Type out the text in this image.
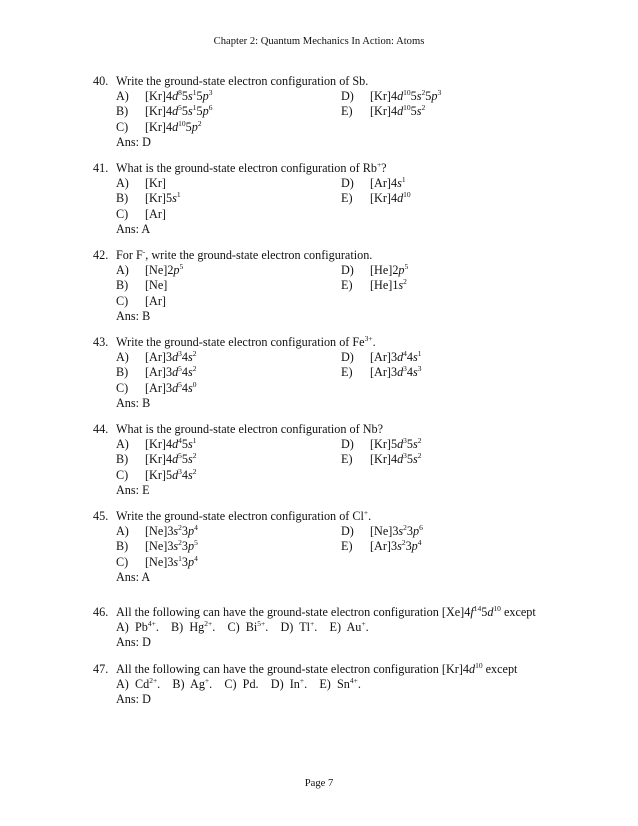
Chapter 2: Quantum Mechanics In Action: Atoms
40. Write the ground-state electron configuration of Sb.
A) $[Kr]4d^85s^15p^3$	D) $[Kr]4d^{10}5s^25p^3$
B) $[Kr]4d^55s^15p^6$	E) $[Kr]4d^{10}5s^2$
C) $[Kr]4d^{10}5p^2$
Ans: D
41. What is the ground-state electron configuration of Rb+?
A) [Kr]	D) $[Ar]4s^1$
B) $[Kr]5s^1$	E) $[Kr]4d^{10}$
C) [Ar]
Ans: A
42. For F-, write the ground-state electron configuration.
A) $[Ne]2p^5$	D) $[He]2p^5$
B) [Ne]	E) $[He]1s^2$
C) [Ar]
Ans: B
43. Write the ground-state electron configuration of $Fe^{3+}$.
A) $[Ar]3d^34s^2$	D) $[Ar]3d^44s^1$
B) $[Ar]3d^54s^2$	E) $[Ar]3d^34s^3$
C) $[Ar]3d^54s^0$
Ans: B
44. What is the ground-state electron configuration of Nb?
A) $[Kr]4d^45s^1$	D) $[Kr]5d^35s^2$
B) $[Kr]4d^55s^2$	E) $[Kr]4d^35s^2$
C) $[Kr]5d^34s^2$
Ans: E
45. Write the ground-state electron configuration of Cl+.
A) $[Ne]3s^23p^4$	D) $[Ne]3s^23p^6$
B) $[Ne]3s^23p^5$	E) $[Ar]3s^23p^4$
C) $[Ne]3s^13p^4$
Ans: A
46. All the following can have the ground-state electron configuration $[Xe]4f^{14}5d^{10}$ except
A)  $Pb^{4+}$.    B)  $Hg^{2+}$.    C)  $Bi^{5+}$.    D)  Tl+.    E)  Au+.
Ans: D
47. All the following can have the ground-state electron configuration $[Kr]4d^{10}$ except
A)  $Cd^{2+}$.    B)  Ag+.    C)  Pd.    D)  In+.    E)  $Sn^{4+}$.
Ans: D
Page 7
